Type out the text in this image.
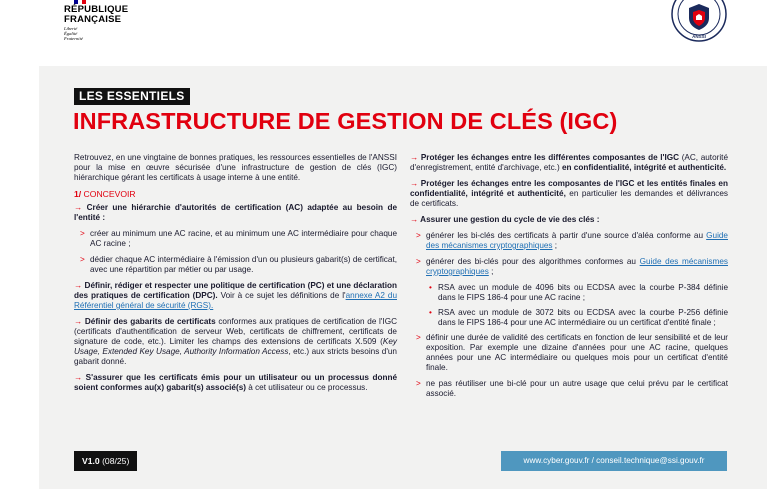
RÉPUBLIQUE
FRANÇAISE
Liberté
Égalité
Fraternité	ANSSI
LES ESSENTIELS
INFRASTRUCTURE DE GESTION DE CLÉS (IGC)

Retrouvez, en une vingtaine de bonnes pratiques, les ressources essentielles de l'ANSSI pour la mise en œuvre sécurisée d'une infrastructure de gestion de clés (IGC) hiérarchique gérant les certificats à usage interne à une entité.

1/ CONCEVOIR

→ Créer une hiérarchie d'autorités de certification (AC) adaptée au besoin de l'entité :

> créer au minimum une AC racine, et au minimum une AC intermédiaire pour chaque AC racine ;
> dédier chaque AC intermédiaire à l'émission d'un ou plusieurs gabarit(s) de certificat, avec une répartition par métier ou par usage.

→ Définir, rédiger et respecter une politique de certification (PC) et une déclaration des pratiques de certification (DPC). Voir à ce sujet les définitions de l'annexe A2 du Référentiel général de sécurité (RGS).

→ Définir des gabarits de certificats conformes aux pratiques de certification de l'IGC (certificats d'authentification de serveur Web, certificats de chiffrement, certificats de signature de code, etc.). Limiter les champs des extensions de certificats X.509 (Key Usage, Extended Key Usage, Authority Information Access, etc.) aux stricts besoins d'un gabarit donné.

→ S'assurer que les certificats émis pour un utilisateur ou un processus donné soient conformes au(x) gabarit(s) associé(s) à cet utilisateur ou ce processus.

→ Protéger les échanges entre les différentes composantes de l'IGC (AC, autorité d'enregistrement, entité d'archivage, etc.) en confidentialité, intégrité et authenticité.

→ Protéger les échanges entre les composantes de l'IGC et les entités finales en confidentialité, intégrité et authenticité, en particulier les demandes et délivrances de certificats.

→ Assurer une gestion du cycle de vie des clés :

> générer les bi-clés des certificats à partir d'une source d'aléa conforme au Guide des mécanismes cryptographiques ;
> générer des bi-clés pour des algorithmes conformes au Guide des mécanismes cryptographiques ;
• RSA avec un module de 4096 bits ou ECDSA avec la courbe P-384 définie dans le FIPS 186-4 pour une AC racine ;
• RSA avec un module de 3072 bits ou ECDSA avec la courbe P-256 définie dans le FIPS 186-4 pour une AC intermédiaire ou un certificat d'entité finale ;
> définir une durée de validité des certificats en fonction de leur sensibilité et de leur exposition. Par exemple une dizaine d'années pour une AC racine, quelques années pour une AC intermédiaire ou quelques mois pour un certificat d'entité finale.
> ne pas réutiliser une bi-clé pour un autre usage que celui prévu par le certificat associé.
V1.0 (08/25)	www.cyber.gouv.fr / conseil.technique@ssi.gouv.fr
